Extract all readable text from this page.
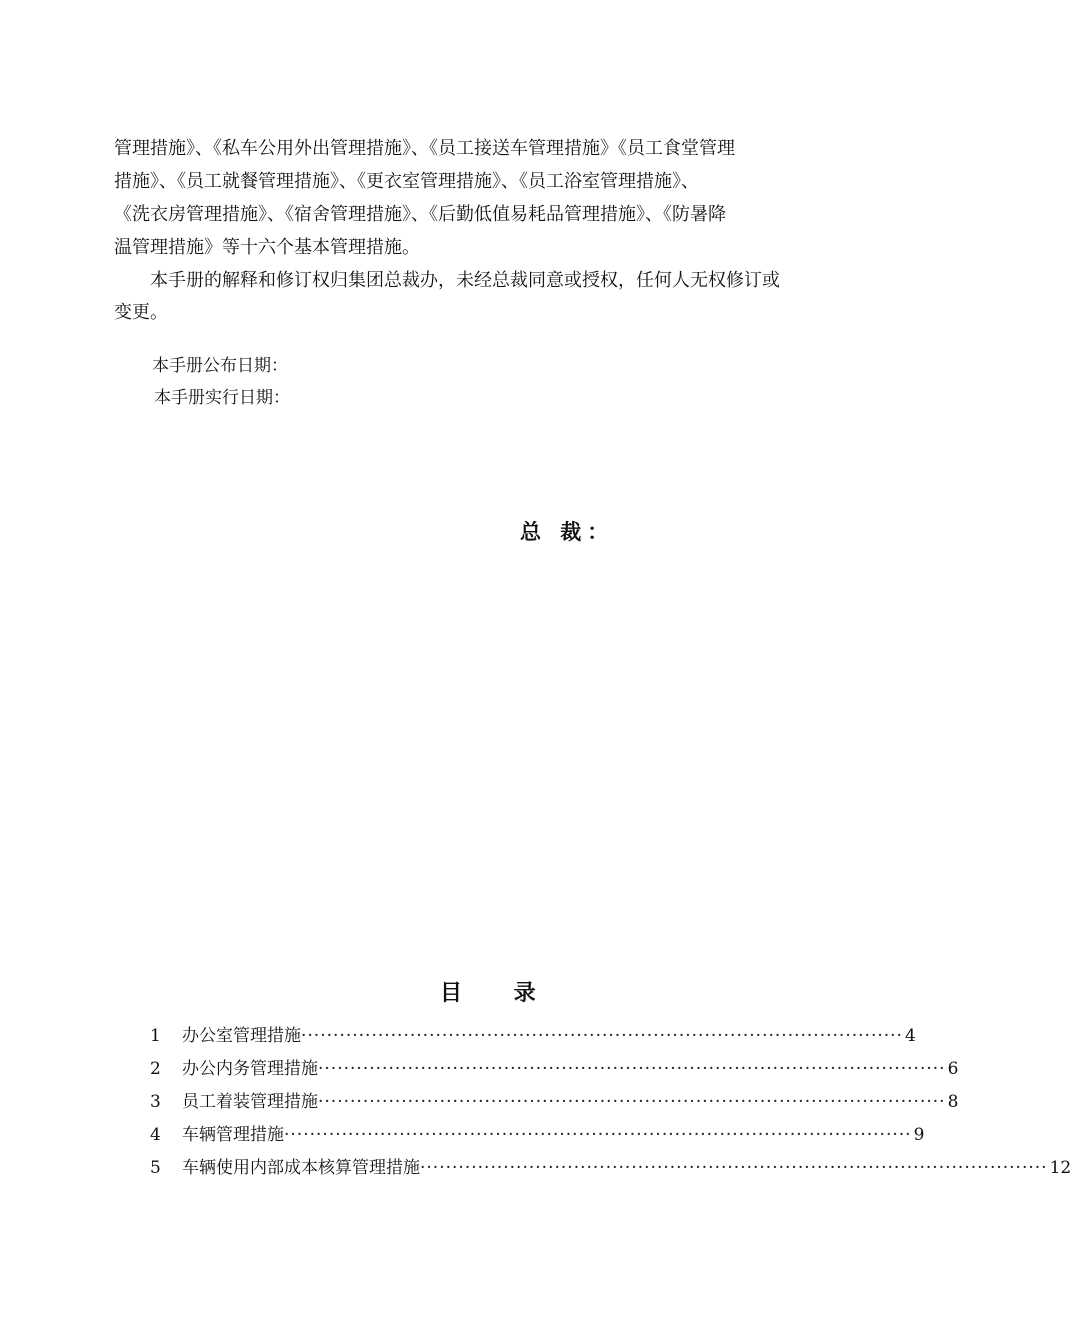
管理措施》、《私车公用外出管理措施》、《员工接送车管理措施》《员工食堂管理
措施》、《员工就餐管理措施》、《更衣室管理措施》、《员工浴室管理措施》、
《洗衣房管理措施》、《宿舍管理措施》、《后勤低值易耗品管理措施》、《防暑降
温管理措施》等十六个基本管理措施。
　　本手册的解释和修订权归集团总裁办，未经总裁同意或授权，任何人无权修订或
变更。
本手册公布日期：
本手册实行日期：
总 裁：
目 录
1	办公室管理措施 ······························································································ 4
2	办公内务管理措施 ·································································································· 6
3	员工着装管理措施 ·································································································· 8
4	车辆管理措施 ·································································································· 9
5	车辆使用内部成本核算管理措施 ·································································································· 12
